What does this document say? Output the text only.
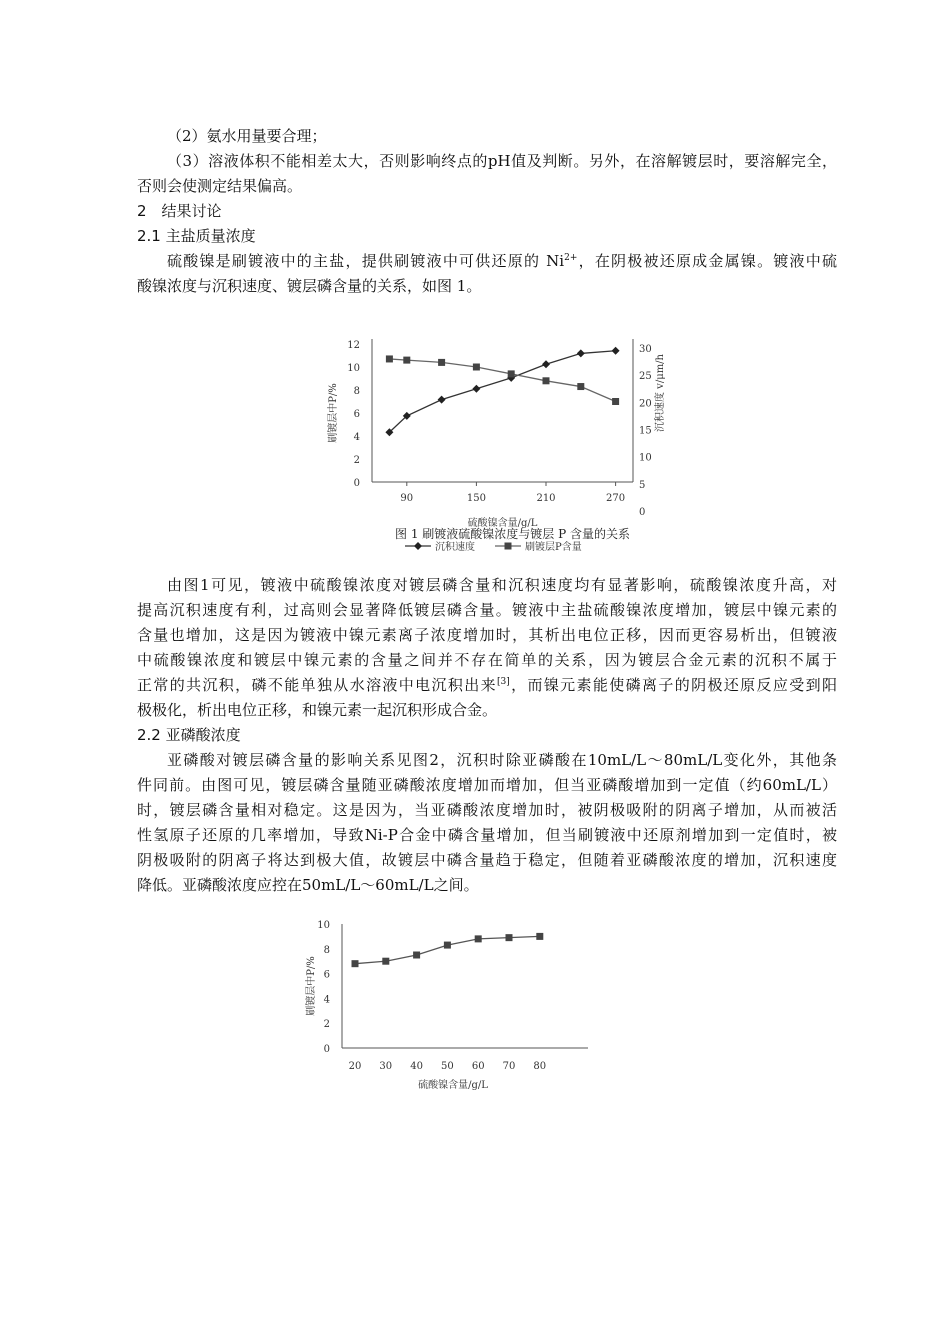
（2）氨水用量要合理；
（3）溶液体积不能相差太大，否则影响终点的pH值及判断。另外，在溶解镀层时，要溶解完全，
否则会使测定结果偏高。
2　结果讨论
2.1 主盐质量浓度
硫酸镍是刷镀液中的主盐，提供刷镀液中可供还原的 $Ni^{2+}$，在阴极被还原成金属镍。镀液中硫
酸镍浓度与沉积速度、镀层磷含量的关系，如图 1。
0
2
4
6
8
10
12
0
5
10
15
20
25
30
90	150	210	270
刷镀层中P/%	沉积速度 v/μm/h
硫酸镍含量/g/L
图 1 刷镀液硫酸镍浓度与镀层 P 含量的关系
沉积速度	刷镀层P含量
由图1可见，镀液中硫酸镍浓度对镀层磷含量和沉积速度均有显著影响，硫酸镍浓度升高，对
提高沉积速度有利，过高则会显著降低镀层磷含量。镀液中主盐硫酸镍浓度增加，镀层中镍元素的
含量也增加，这是因为镀液中镍元素离子浓度增加时，其析出电位正移，因而更容易析出，但镀液
中硫酸镍浓度和镀层中镍元素的含量之间并不存在简单的关系，因为镀层合金元素的沉积不属于
正常的共沉积，磷不能单独从水溶液中电沉积出来[3]，而镍元素能使磷离子的阴极还原反应受到阳
极极化，析出电位正移，和镍元素一起沉积形成合金。
2.2 亚磷酸浓度
亚磷酸对镀层磷含量的影响关系见图2，沉积时除亚磷酸在10mL/L～80mL/L变化外，其他条
件同前。由图可见，镀层磷含量随亚磷酸浓度增加而增加，但当亚磷酸增加到一定值（约60mL/L）
时，镀层磷含量相对稳定。这是因为，当亚磷酸浓度增加时，被阴极吸附的阴离子增加，从而被活
性氢原子还原的几率增加，导致Ni-P合金中磷含量增加，但当刷镀液中还原剂增加到一定值时，被
阴极吸附的阴离子将达到极大值，故镀层中磷含量趋于稳定，但随着亚磷酸浓度的增加，沉积速度
降低。亚磷酸浓度应控在50mL/L～60mL/L之间。
0
2
4
6
8
10
20 30 40 50 60 70 80
刷镀层中P/%
硫酸镍含量/g/L
